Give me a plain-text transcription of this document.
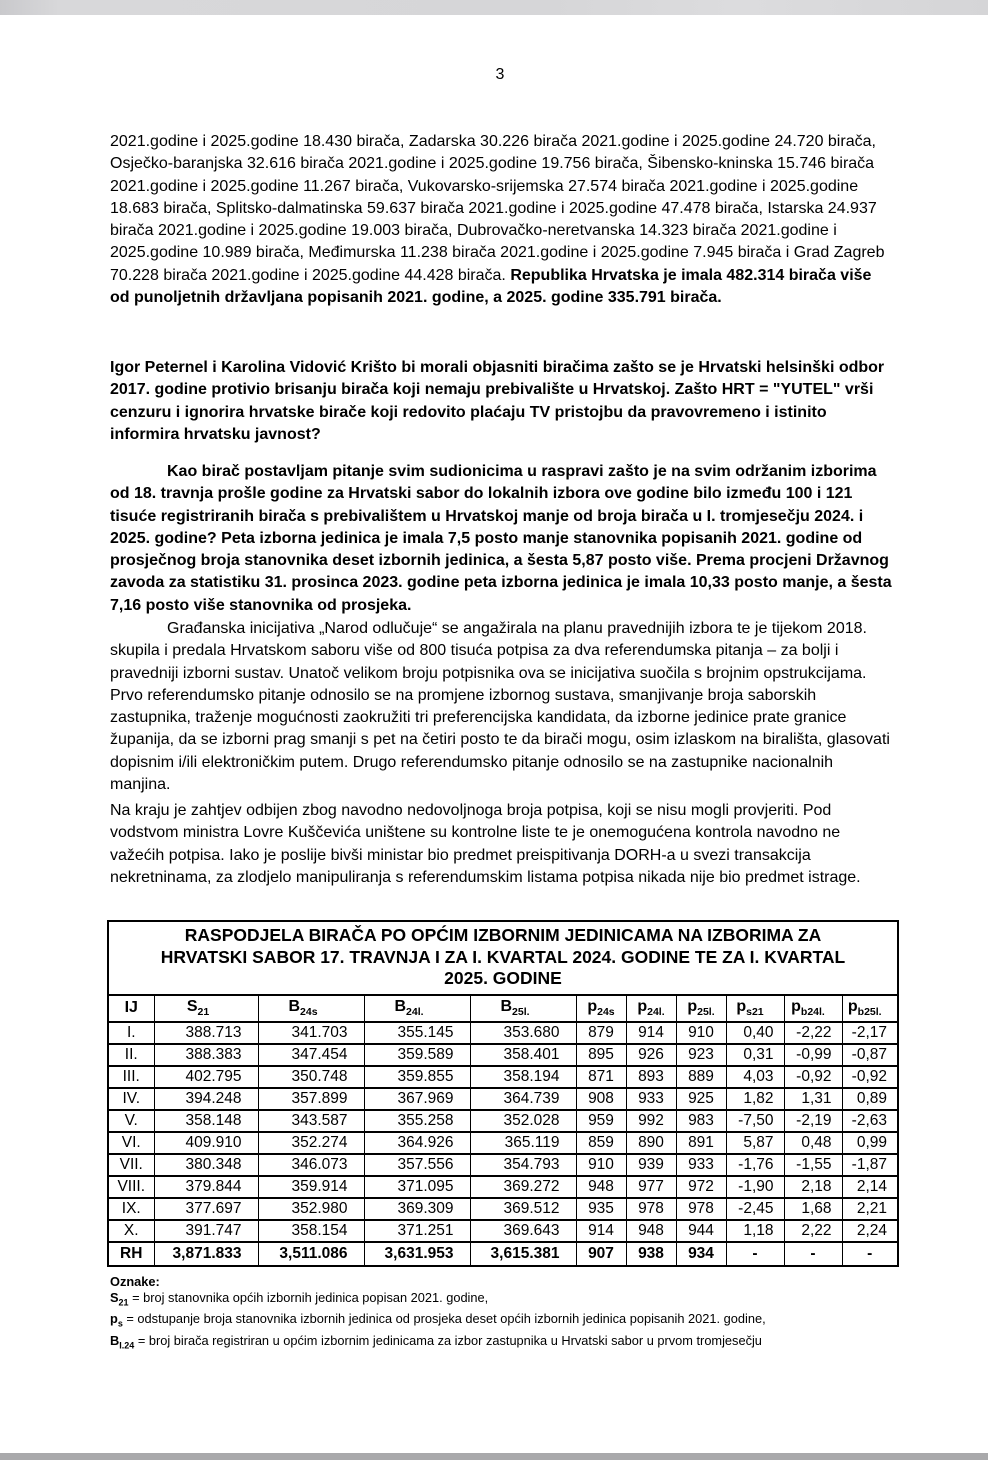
3
2021.godine i 2025.godine 18.430 birača, Zadarska 30.226 birača 2021.godine i 2025.godine 24.720 birača, Osječko-baranjska 32.616 birača 2021.godine i 2025.godine 19.756 birača, Šibensko-kninska 15.746 birača 2021.godine i 2025.godine 11.267 birača, Vukovarsko-srijemska 27.574 birača 2021.godine i 2025.godine 18.683 birača, Splitsko-dalmatinska 59.637 birača 2021.godine i 2025.godine 47.478 birača, Istarska 24.937 birača 2021.godine i 2025.godine 19.003 birača, Dubrovačko-neretvanska 14.323 birača 2021.godine i 2025.godine 10.989 birača, Međimurska 11.238 birača 2021.godine i 2025.godine 7.945 birača i Grad Zagreb 70.228 birača 2021.godine i 2025.godine 44.428 birača. Republika Hrvatska je imala 482.314 birača više od punoljetnih državljana popisanih 2021. godine, a 2025. godine 335.791 birača.
Igor Peternel i Karolina Vidović Krišto bi morali objasniti biračima zašto se je Hrvatski helsinški odbor 2017. godine protivio brisanju birača koji nemaju prebivalište u Hrvatskoj. Zašto HRT = "YUTEL" vrši cenzuru i ignorira hrvatske birače koji redovito plaćaju TV pristojbu da pravovremeno i istinito informira hrvatsku javnost?
Kao birač postavljam pitanje svim sudionicima u raspravi zašto je na svim održanim izborima od 18. travnja prošle godine za Hrvatski sabor do lokalnih izbora ove godine bilo između 100 i 121 tisuće registriranih birača s prebivalištem u Hrvatskoj manje od broja birača u I. tromjesečju 2024. i 2025. godine? Peta izborna jedinica je imala 7,5 posto manje stanovnika popisanih 2021. godine od prosječnog broja stanovnika deset izbornih jedinica, a šesta 5,87 posto više. Prema procjeni Državnog zavoda za statistiku 31. prosinca 2023. godine peta izborna jedinica je imala 10,33 posto manje, a šesta 7,16 posto više stanovnika od prosjeka.
Građanska inicijativa „Narod odlučuje“ se angažirala na planu pravednijih izbora te je tijekom 2018. skupila i predala Hrvatskom saboru više od 800 tisuća potpisa za dva referendumska pitanja – za bolji i pravedniji izborni sustav. Unatoč velikom broju potpisnika ova se inicijativa suočila s brojnim opstrukcijama. Prvo referendumsko pitanje odnosilo se na promjene izbornog sustava, smanjivanje broja saborskih zastupnika, traženje mogućnosti zaokružiti tri preferencijska kandidata, da izborne jedinice prate granice županija, da se izborni prag smanji s pet na četiri posto te da birači mogu, osim izlaskom na birališta, glasovati dopisnim i/ili elektroničkim putem. Drugo referendumsko pitanje odnosilo se na zastupnike nacionalnih manjina.
Na kraju je zahtjev odbijen zbog navodno nedovoljnoga broja potpisa, koji se nisu mogli provjeriti. Pod vodstvom ministra Lovre Kuščevića uništene su kontrolne liste te je onemogućena kontrola navodno ne važećih potpisa. Iako je poslije bivši ministar bio predmet preispitivanja DORH-a u svezi transakcija nekretninama, za zlodjelo manipuliranja s referendumskim listama potpisa nikada nije bio predmet istrage.
RASPODJELA BIRAČA PO OPĆIM IZBORNIM JEDINICAMA NA IZBORIMA ZA
HRVATSKI SABOR 17. TRAVNJA I ZA I. KVARTAL 2024. GODINE TE ZA I. KVARTAL
2025. GODINE										

IJ	$S_{21}$	$B_{24s}$	$B_{24l.}$	$B_{25l.}$	$p_{24s}$	$p_{24l.}$	$p_{25l.}$	$p_{s21}$	$p_{b24l.}$	$p_{b25l.}$
I.	388.713	341.703	355.145	353.680	879	914	910	0,40	-2,22	-2,17
II.	388.383	347.454	359.589	358.401	895	926	923	0,31	-0,99	-0,87
III.	402.795	350.748	359.855	358.194	871	893	889	4,03	-0,92	-0,92
IV.	394.248	357.899	367.969	364.739	908	933	925	1,82	1,31	0,89
V.	358.148	343.587	355.258	352.028	959	992	983	-7,50	-2,19	-2,63
VI.	409.910	352.274	364.926	365.119	859	890	891	5,87	0,48	0,99
VII.	380.348	346.073	357.556	354.793	910	939	933	-1,76	-1,55	-1,87
VIII.	379.844	359.914	371.095	369.272	948	977	972	-1,90	2,18	2,14
IX.	377.697	352.980	369.309	369.512	935	978	978	-2,45	1,68	2,21
X.	391.747	358.154	371.251	369.643	914	948	944	1,18	2,22	2,24
RH	3,871.833	3,511.086	3,631.953	3,615.381	907	938	934	-	-	-
Oznake:
$S_{21}$ = broj stanovnika općih izbornih jedinica popisan 2021. godine,
$p_s$ = odstupanje broja stanovnika izbornih jedinica od prosjeka deset općih izbornih jedinica popisanih 2021. godine,
$B_{I.24}$ = broj birača registriran u općim izbornim jedinicama za izbor zastupnika u Hrvatski sabor u prvom tromjesečju
